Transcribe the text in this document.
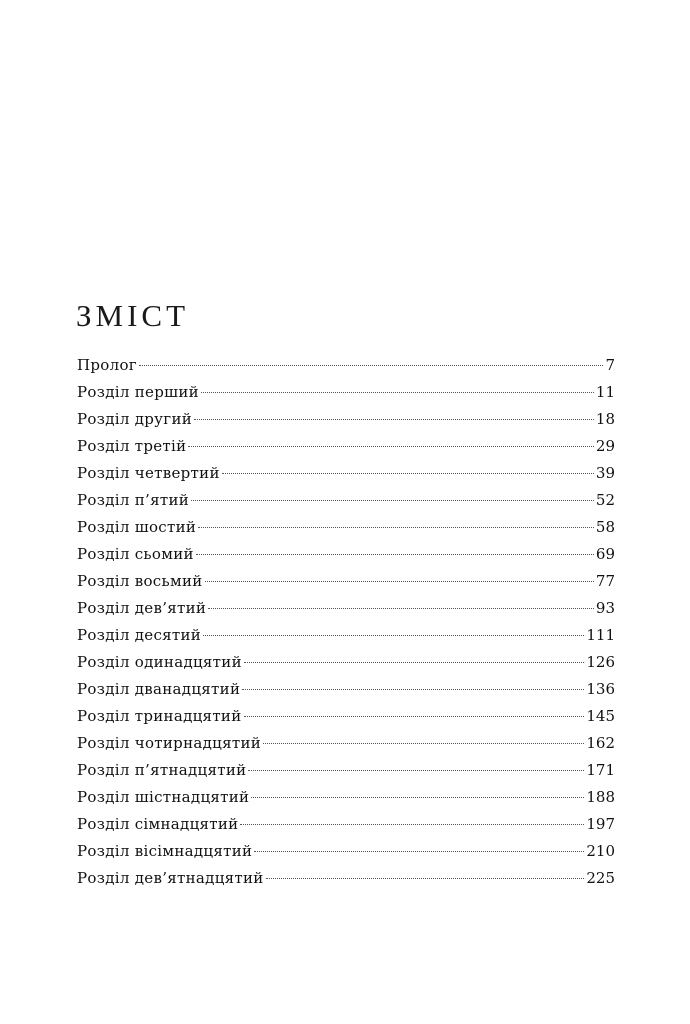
ЗМІСТ
Пролог	7
Розділ перший	11
Розділ другий	18
Розділ третій	29
Розділ четвертий	39
Розділ п’ятий	52
Розділ шостий	58
Розділ сьомий	69
Розділ восьмий	77
Розділ дев’ятий	93
Розділ десятий	111
Розділ одинадцятий	126
Розділ дванадцятий	136
Розділ тринадцятий	145
Розділ чотирнадцятий	162
Розділ п’ятнадцятий	171
Розділ шістнадцятий	188
Розділ сімнадцятий	197
Розділ вісімнадцятий	210
Розділ дев’ятнадцятий	225
